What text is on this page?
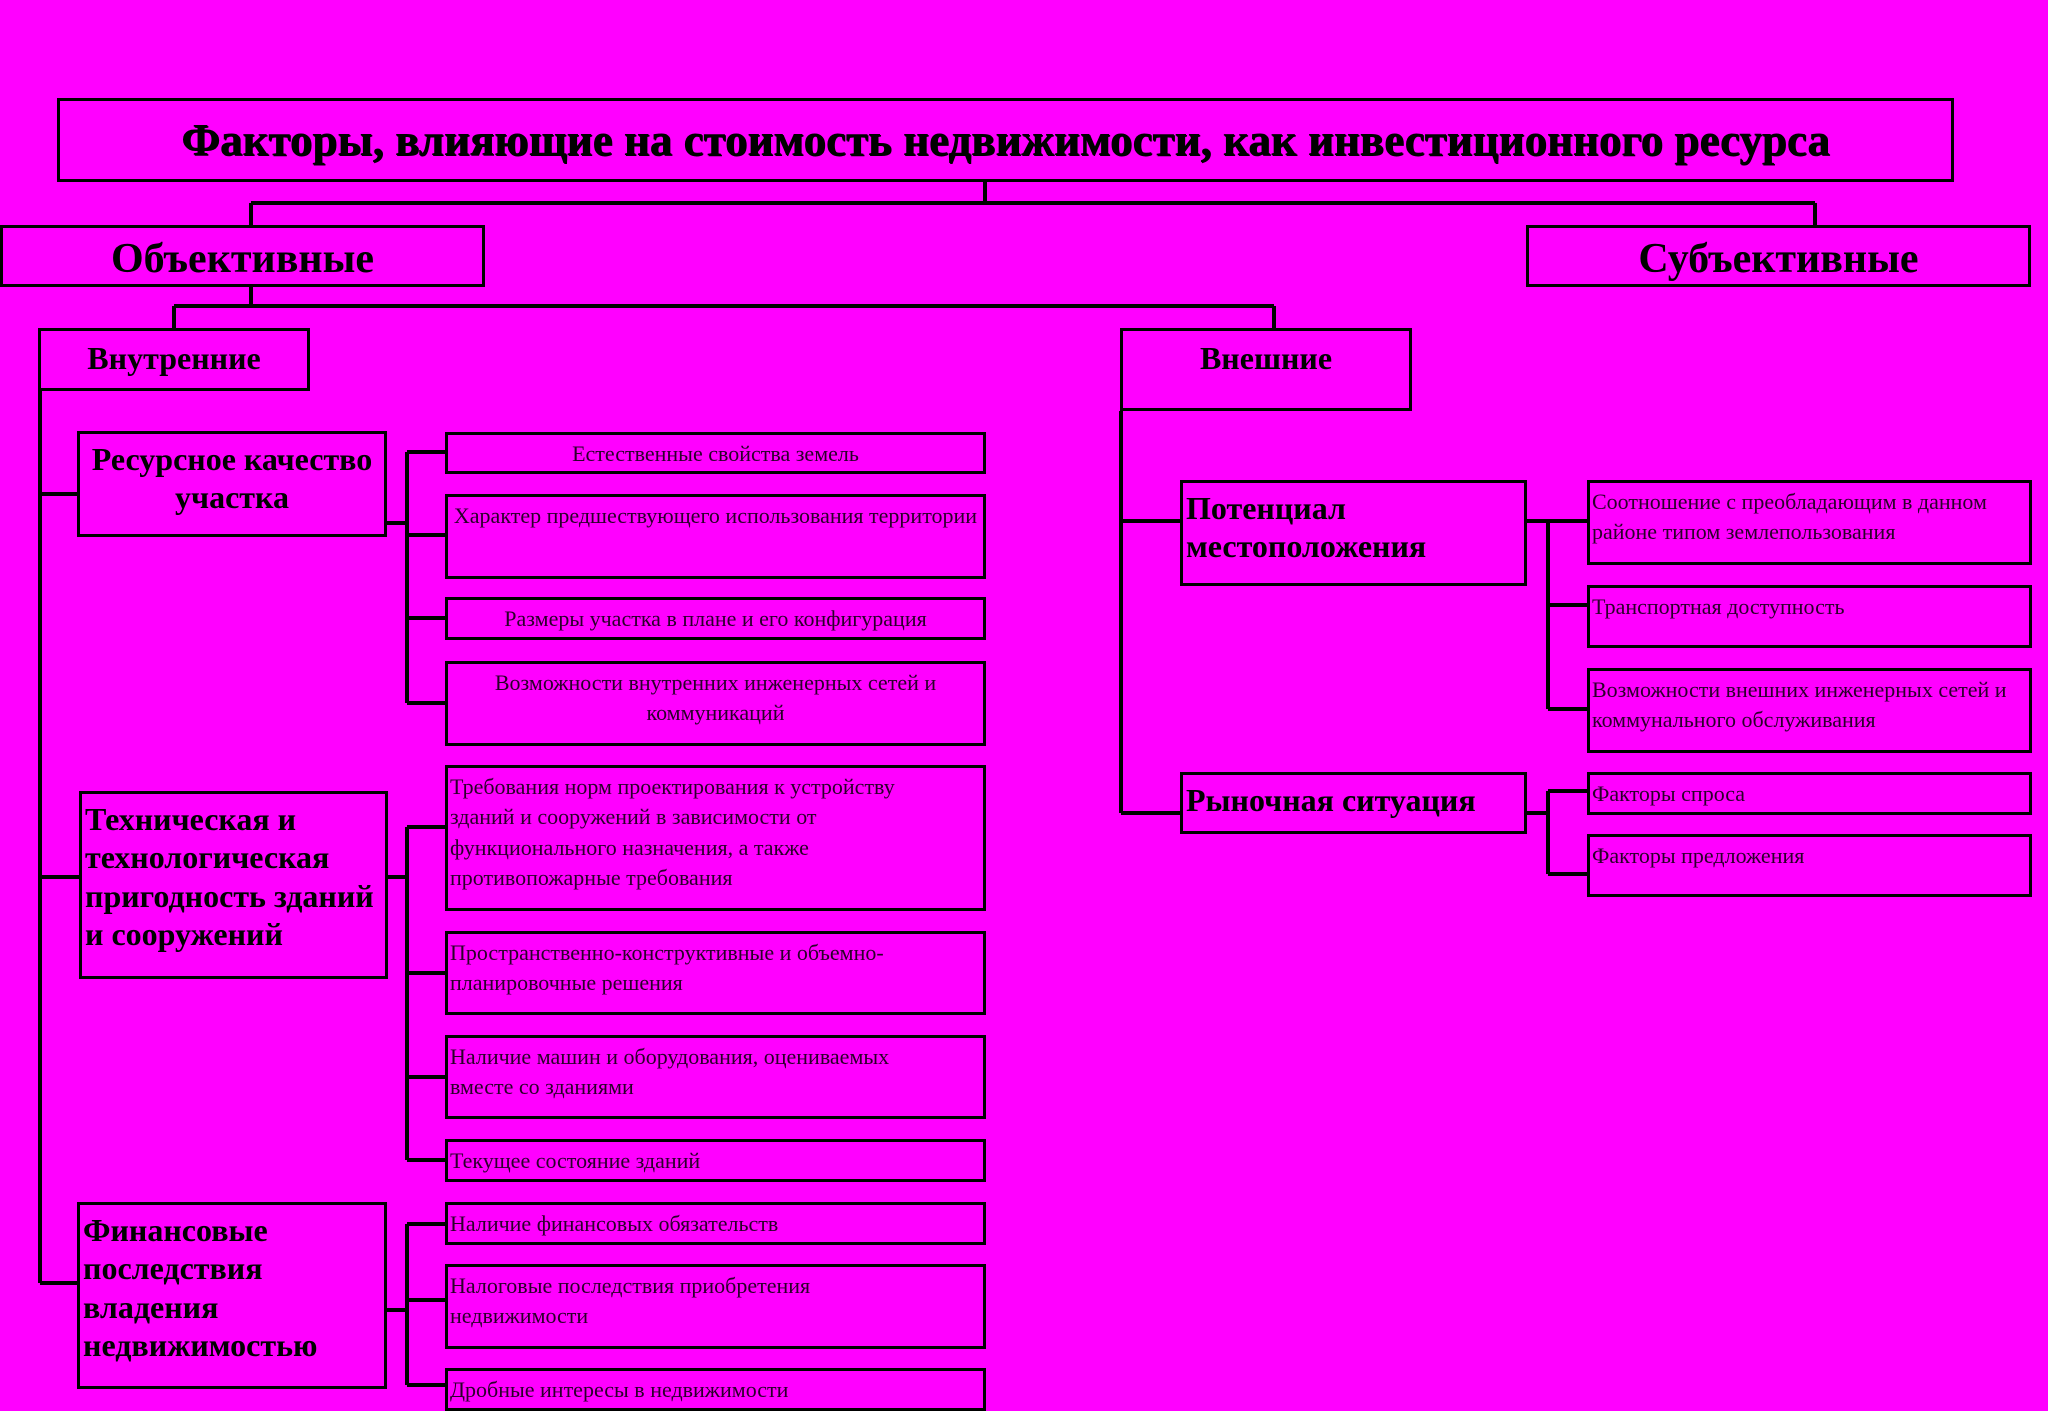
Факторы, влияющие на стоимость недвижимости, как инвестиционного ресурса
Объективные	Субъективные
Внутренние	Внешние
Ресурсное качество участка
Техническая и технологическая пригодность зданий и сооружений
Финансовые последствия владения недвижимостью
Естественные свойства земель
Характер предшествующего использования территории
Размеры участка в плане и его конфигурация
Возможности внутренних инженерных сетей и коммуникаций
Требования норм проектирования к устройству зданий и сооружений в зависимости от функционального назначения, а также противопожарные требования
Пространственно-конструктивные и объемно-планировочные решения
Наличие машин и оборудования, оцениваемых вместе со зданиями
Текущее состояние зданий
Наличие финансовых обязательств
Налоговые последствия приобретения недвижимости
Дробные интересы в недвижимости
Потенциал местоположения
Рыночная ситуация
Соотношение с преобладающим в данном районе типом землепользования
Транспортная доступность
Возможности внешних инженерных сетей и коммунального обслуживания
Факторы спроса
Факторы предложения
